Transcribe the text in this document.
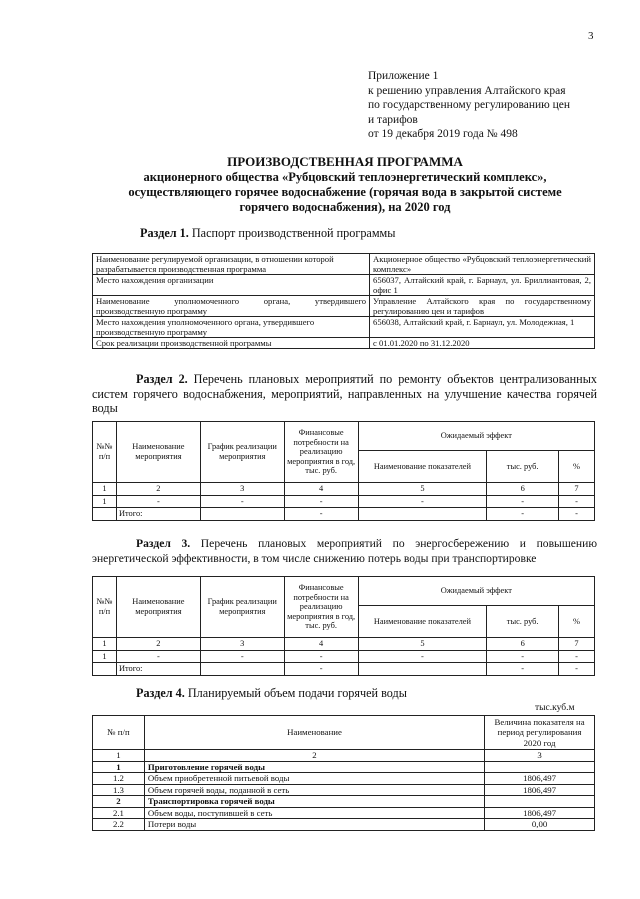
3
Приложение 1
к решению управления Алтайского края
по государственному регулированию цен
и тарифов
от 19 декабря 2019 года № 498
ПРОИЗВОДСТВЕННАЯ ПРОГРАММА
акционерного общества «Рубцовский теплоэнергетический комплекс»,
осуществляющего горячее водоснабжение (горячая вода в закрытой системе
горячего водоснабжения), на 2020 год
Раздел 1. Паспорт производственной программы
Наименование регулируемой организации, в отношении которой разрабатывается производственная программа	Акционерное общество «Рубцовский теплоэнергетический комплекс»
Место нахождения организации	656037, Алтайский край, г. Барнаул, ул. Бриллиантовая, 2, офис 1
Наименование уполномоченного органа, утвердившего производственную программу	Управление Алтайского края по государственному регулированию цен и тарифов
Место нахождения уполномоченного органа, утвердившего производственную программу	656038, Алтайский край, г. Барнаул, ул. Молодежная, 1
Срок реализации производственной программы	с 01.01.2020 по 31.12.2020
Раздел 2. Перечень плановых мероприятий по ремонту объектов централизованных систем горячего водоснабжения, мероприятий, направленных на улучшение качества горячей воды
№№ п/п	Наименование мероприятия	График реализации мероприятия	Финансовые потребности на реализацию мероприятия в год, тыс. руб.	Ожидаемый эффект		
				Наименование показателей	тыс. руб.	%
1	2	3	4	5	6	7
1	-	-	-	-	-	-
	Итого:		-		-	-
Раздел 3. Перечень плановых мероприятий по энергосбережению и повышению энергетической эффективности, в том числе снижению потерь воды при транспортировке
№№ п/п	Наименование мероприятия	График реализации мероприятия	Финансовые потребности на реализацию мероприятия в год, тыс. руб.	Ожидаемый эффект		
				Наименование показателей	тыс. руб.	%
1	2	3	4	5	6	7
1	-	-	-	-	-	-
	Итого:		-		-	-
Раздел 4. Планируемый объем подачи горячей воды
тыс.куб.м
№ п/п	Наименование	Величина показателя на период регулирования 2020 год
1	2	3
1	Приготовление горячей воды	
1.2	Объем приобретенной питьевой воды	1806,497
1.3	Объем горячей воды, поданной в сеть	1806,497
2	Транспортировка горячей воды	
2.1	Объем воды, поступившей в сеть	1806,497
2.2	Потери воды	0,00
